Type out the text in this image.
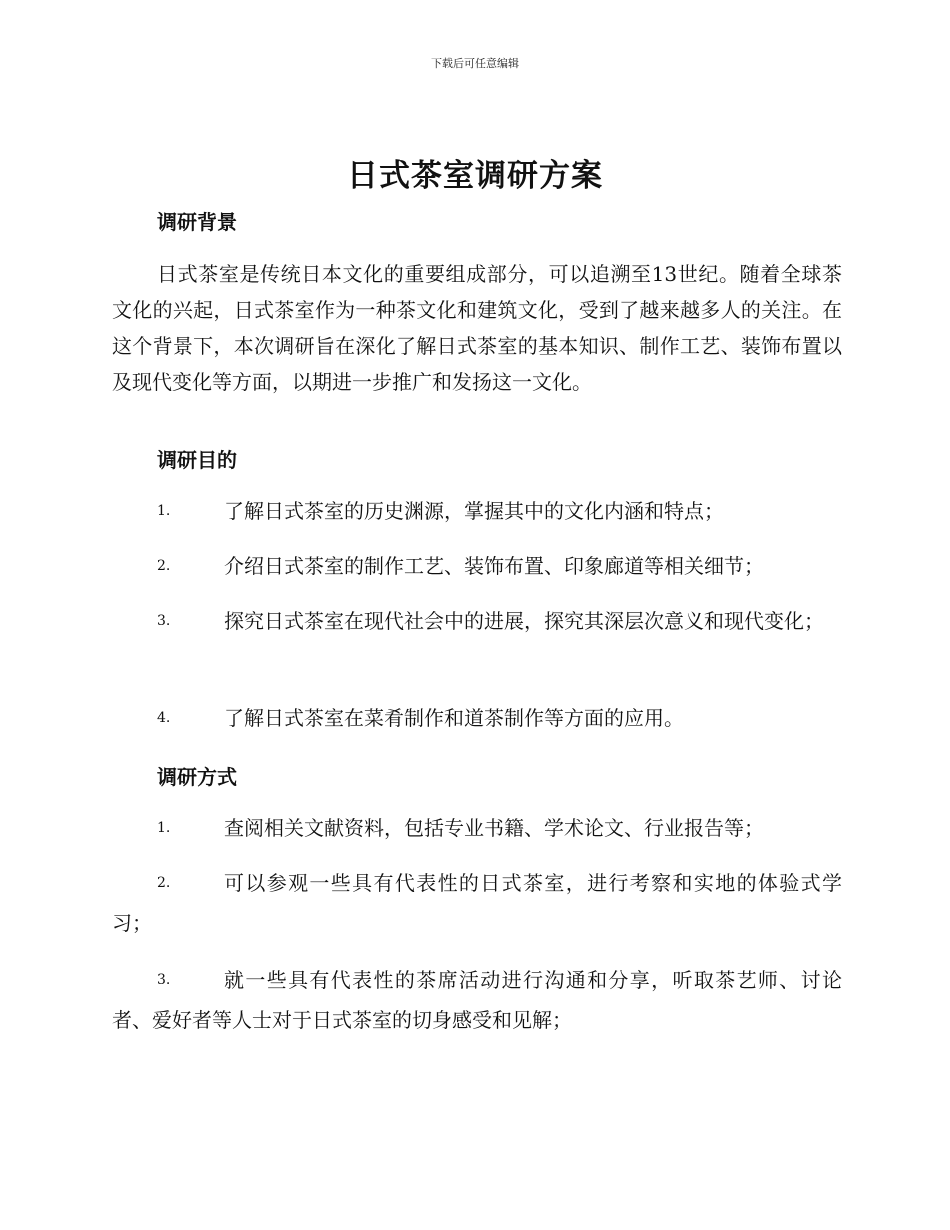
下载后可任意编辑
日式茶室调研方案
调研背景
日式茶室是传统日本文化的重要组成部分，可以追溯至13世纪。随着全球茶文化的兴起，日式茶室作为一种茶文化和建筑文化，受到了越来越多人的关注。在这个背景下，本次调研旨在深化了解日式茶室的基本知识、制作工艺、装饰布置以及现代变化等方面，以期进一步推广和发扬这一文化。
调研目的
1.	了解日式茶室的历史渊源，掌握其中的文化内涵和特点；
2.	介绍日式茶室的制作工艺、装饰布置、印象廊道等相关细节；
3.	探究日式茶室在现代社会中的进展，探究其深层次意义和现代变化；
4.	了解日式茶室在菜肴制作和道茶制作等方面的应用。
调研方式
1.	查阅相关文献资料，包括专业书籍、学术论文、行业报告等；
2.	可以参观一些具有代表性的日式茶室，进行考察和实地的体验式学习；
3.	就一些具有代表性的茶席活动进行沟通和分享，听取茶艺师、讨论者、爱好者等人士对于日式茶室的切身感受和见解；
